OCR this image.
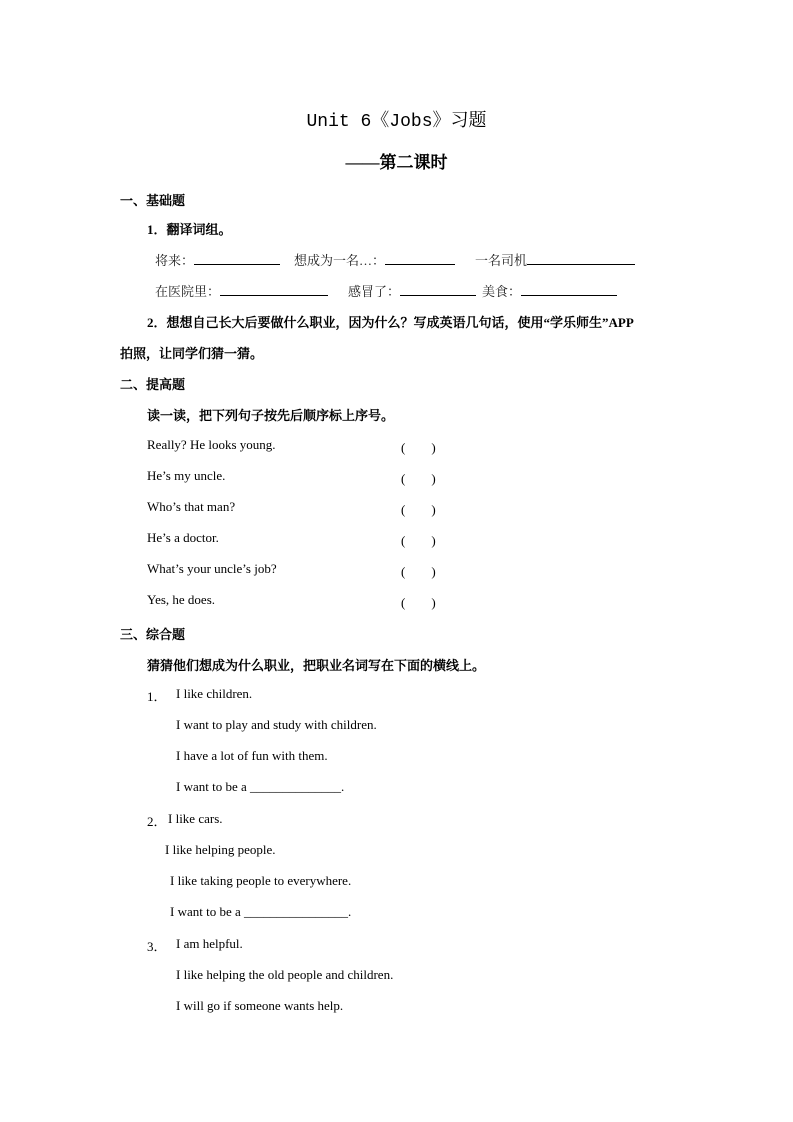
Unit 6《Jobs》习题
——第二课时
一、基础题
1．翻译词组。
将来：	想成为一名…：	一名司机
在医院里：	感冒了：	美食：
2．想想自己长大后要做什么职业，因为什么？写成英语几句话，使用“学乐师生”APP
拍照，让同学们猜一猜。
二、提高题
读一读，把下列句子按先后顺序标上序号。
Really? He looks young.	(　　)
He’s my uncle.	(　　)
Who’s that man?	(　　)
He’s a doctor.	(　　)
What’s your uncle’s job?	(　　)
Yes, he does.	(　　)
三、综合题
猜猜他们想成为什么职业，把职业名词写在下面的横线上。
1． I like children.
I want to play and study with children.
I have a lot of fun with them.
I want to be a ______________.
2． I like cars.
I like helping people.
I like taking people to everywhere.
I want to be a ________________.
3． I am helpful.
I like helping the old people and children.
I will go if someone wants help.
